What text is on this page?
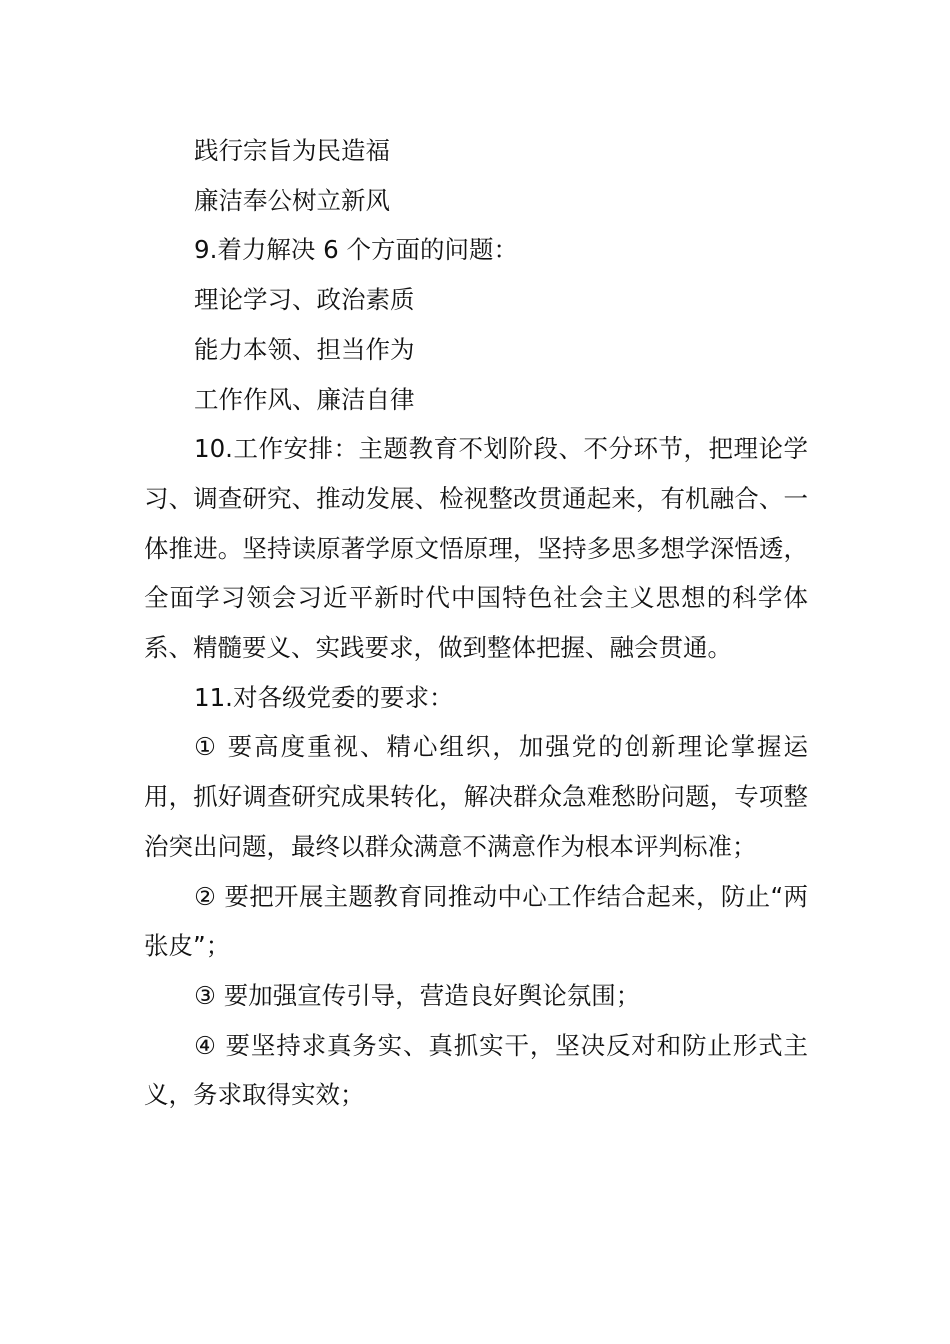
践行宗旨为民造福

廉洁奉公树立新风

9.着力解决 6 个方面的问题：

理论学习、政治素质

能力本领、担当作为

工作作风、廉洁自律

10.工作安排：主题教育不划阶段、不分环节，把理论学习、调查研究、推动发展、检视整改贯通起来，有机融合、一体推进。坚持读原著学原文悟原理，坚持多思多想学深悟透，全面学习领会习近平新时代中国特色社会主义思想的科学体系、精髓要义、实践要求，做到整体把握、融会贯通。

11.对各级党委的要求：

① 要高度重视、精心组织，加强党的创新理论掌握运用，抓好调查研究成果转化，解决群众急难愁盼问题，专项整治突出问题，最终以群众满意不满意作为根本评判标准；

② 要把开展主题教育同推动中心工作结合起来，防止“两张皮”；

③ 要加强宣传引导，营造良好舆论氛围；

④ 要坚持求真务实、真抓实干，坚决反对和防止形式主义，务求取得实效；
